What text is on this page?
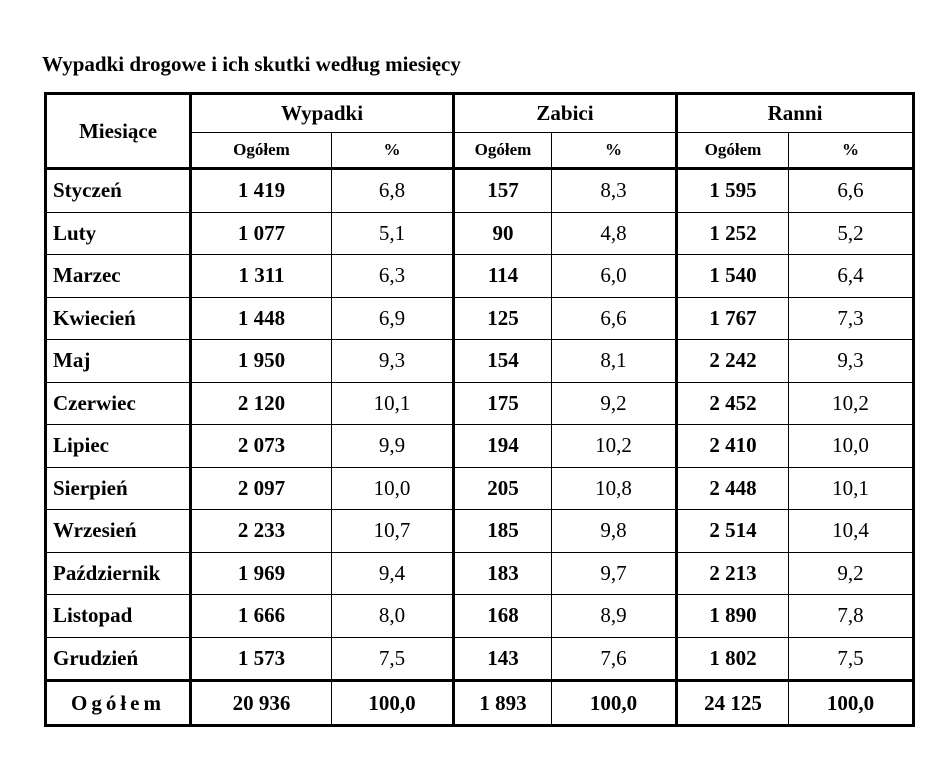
Wypadki drogowe i ich skutki według miesięcy
Miesiące	Wypadki		Zabici		Ranni	
	Ogółem	%	Ogółem	%	Ogółem	%
Styczeń	1 419	6,8	157	8,3	1 595	6,6
Luty	1 077	5,1	90	4,8	1 252	5,2
Marzec	1 311	6,3	114	6,0	1 540	6,4
Kwiecień	1 448	6,9	125	6,6	1 767	7,3
Maj	1 950	9,3	154	8,1	2 242	9,3
Czerwiec	2 120	10,1	175	9,2	2 452	10,2
Lipiec	2 073	9,9	194	10,2	2 410	10,0
Sierpień	2 097	10,0	205	10,8	2 448	10,1
Wrzesień	2 233	10,7	185	9,8	2 514	10,4
Październik	1 969	9,4	183	9,7	2 213	9,2
Listopad	1 666	8,0	168	8,9	1 890	7,8
Grudzień	1 573	7,5	143	7,6	1 802	7,5
Ogółem	20 936	100,0	1 893	100,0	24 125	100,0
